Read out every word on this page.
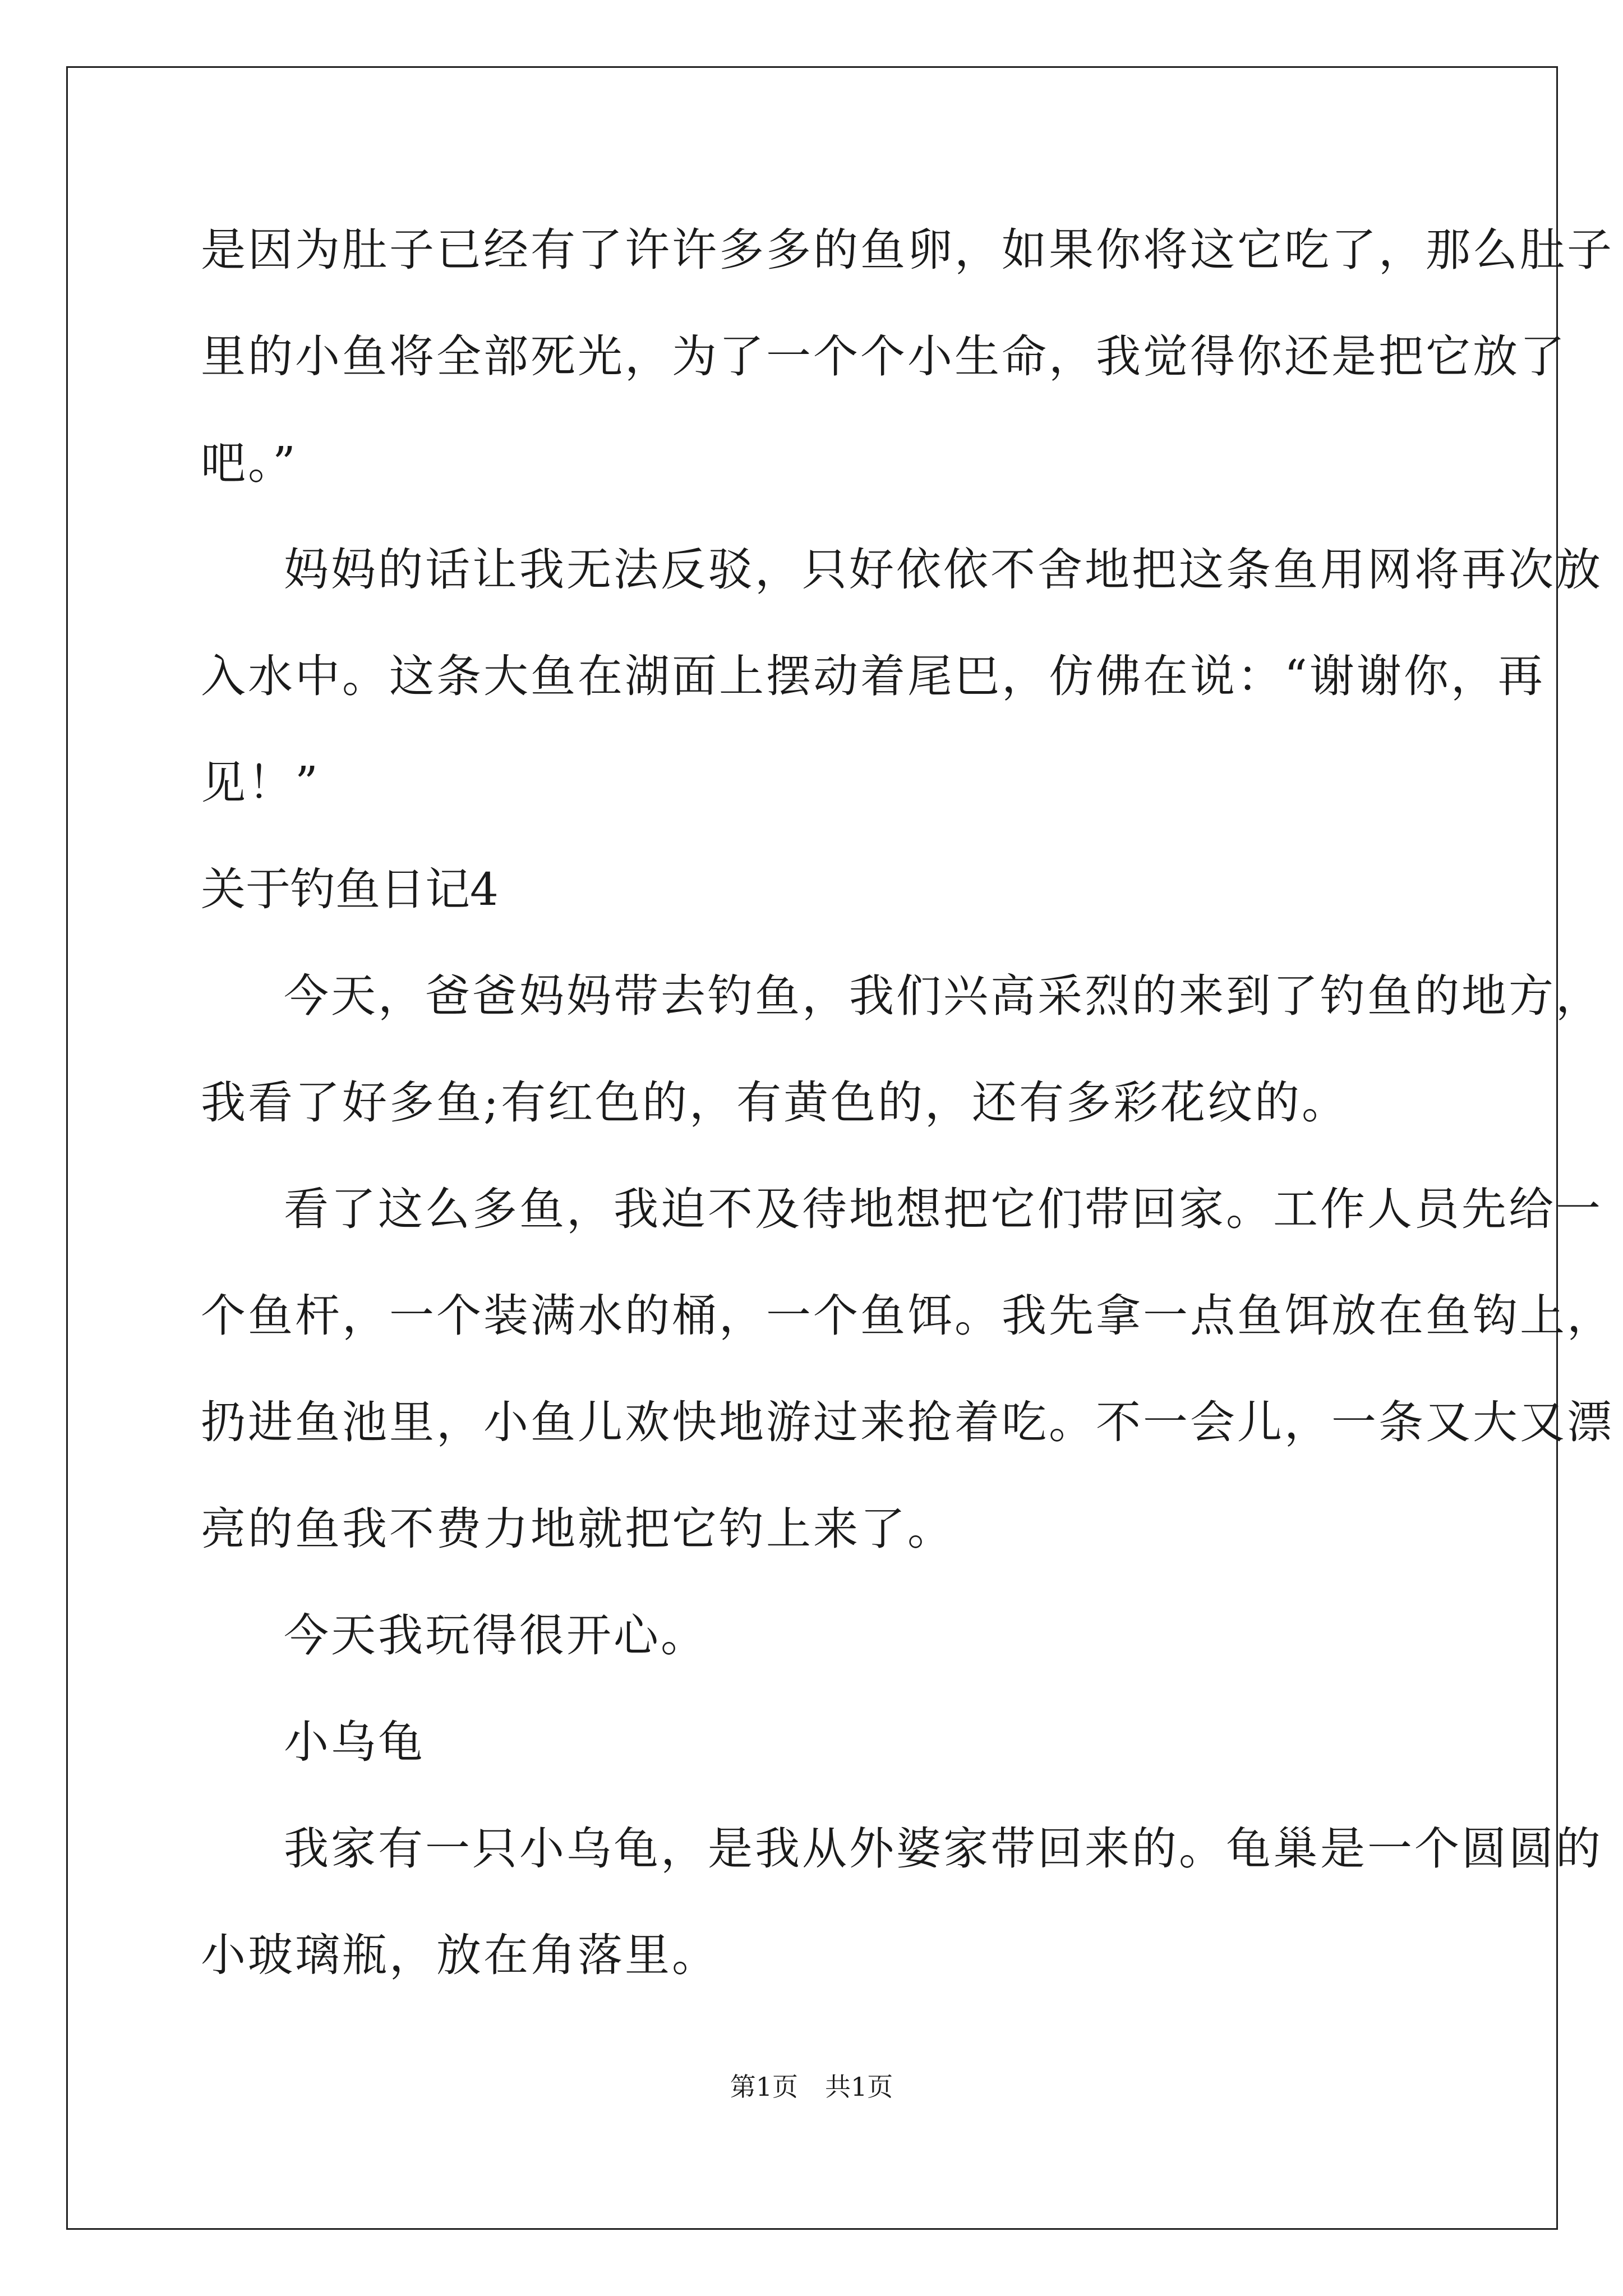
是因为肚子已经有了许许多多的鱼卵，如果你将这它吃了，那么肚子
里的小鱼将全部死光，为了一个个小生命，我觉得你还是把它放了
吧。”
妈妈的话让我无法反驳，只好依依不舍地把这条鱼用网将再次放
入水中。这条大鱼在湖面上摆动着尾巴，仿佛在说：“谢谢你，再
见！”
关于钓鱼日记4
今天，爸爸妈妈带去钓鱼，我们兴高采烈的来到了钓鱼的地方，
我看了好多鱼;有红色的，有黄色的，还有多彩花纹的。
看了这么多鱼，我迫不及待地想把它们带回家。工作人员先给一
个鱼杆，一个装满水的桶，一个鱼饵。我先拿一点鱼饵放在鱼钩上，
扔进鱼池里，小鱼儿欢快地游过来抢着吃。不一会儿，一条又大又漂
亮的鱼我不费力地就把它钓上来了。
今天我玩得很开心。
小乌龟
我家有一只小乌龟，是我从外婆家带回来的。龟巢是一个圆圆的
小玻璃瓶，放在角落里。
第1页 共1页
